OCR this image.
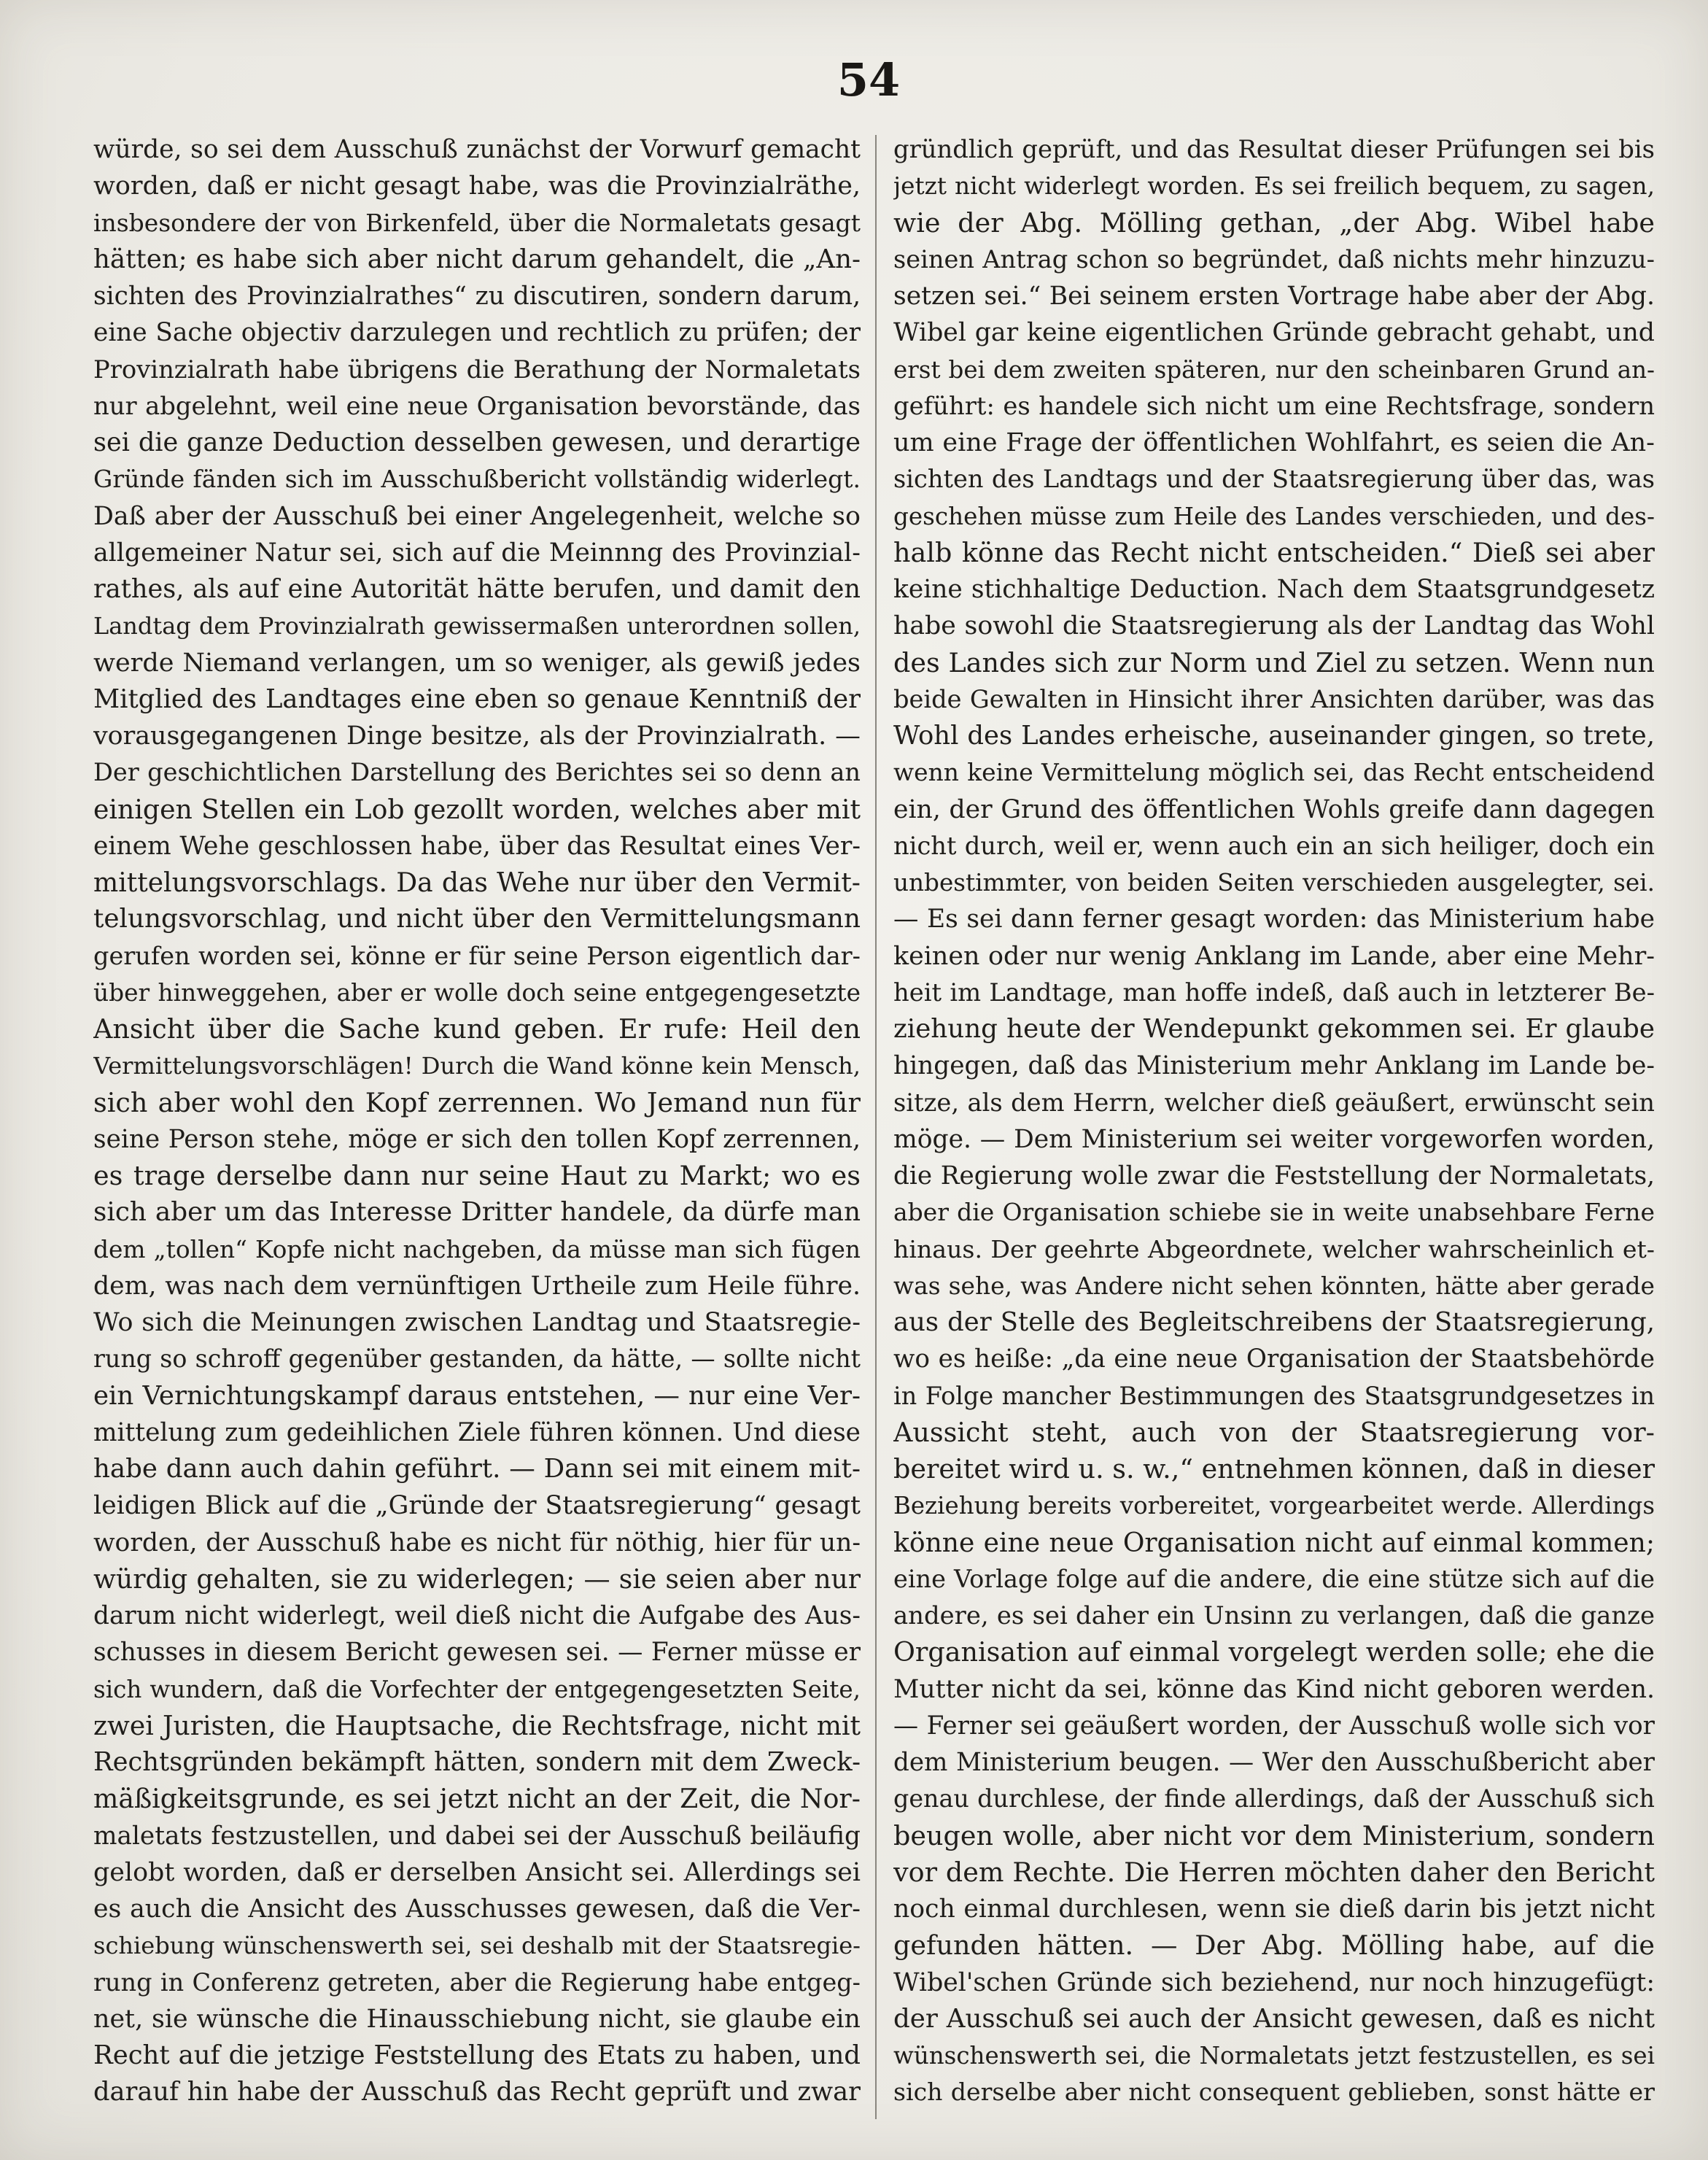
54
würde, so sei dem Ausschuß zunächst der Vorwurf gemacht
worden, daß er nicht gesagt habe, was die Provinzialräthe,
insbesondere der von Birkenfeld, über die Normaletats gesagt
hätten; es habe sich aber nicht darum gehandelt, die „An-
sichten des Provinzialrathes“ zu discutiren, sondern darum,
eine Sache objectiv darzulegen und rechtlich zu prüfen; der
Provinzialrath habe übrigens die Berathung der Normaletats
nur abgelehnt, weil eine neue Organisation bevorstände, das
sei die ganze Deduction desselben gewesen, und derartige
Gründe fänden sich im Ausschußbericht vollständig widerlegt.
Daß aber der Ausschuß bei einer Angelegenheit, welche so
allgemeiner Natur sei, sich auf die Meinnng des Provinzial-
rathes, als auf eine Autorität hätte berufen, und damit den
Landtag dem Provinzialrath gewissermaßen unterordnen sollen,
werde Niemand verlangen, um so weniger, als gewiß jedes
Mitglied des Landtages eine eben so genaue Kenntniß der
vorausgegangenen Dinge besitze, als der Provinzialrath. —
Der geschichtlichen Darstellung des Berichtes sei so denn an
einigen Stellen ein Lob gezollt worden, welches aber mit
einem Wehe geschlossen habe, über das Resultat eines Ver-
mittelungsvorschlags. Da das Wehe nur über den Vermit-
telungsvorschlag, und nicht über den Vermittelungsmann
gerufen worden sei, könne er für seine Person eigentlich dar-
über hinweggehen, aber er wolle doch seine entgegengesetzte
Ansicht über die Sache kund geben. Er rufe: Heil den
Vermittelungsvorschlägen! Durch die Wand könne kein Mensch,
sich aber wohl den Kopf zerrennen. Wo Jemand nun für
seine Person stehe, möge er sich den tollen Kopf zerrennen,
es trage derselbe dann nur seine Haut zu Markt; wo es
sich aber um das Interesse Dritter handele, da dürfe man
dem „tollen“ Kopfe nicht nachgeben, da müsse man sich fügen
dem, was nach dem vernünftigen Urtheile zum Heile führe.
Wo sich die Meinungen zwischen Landtag und Staatsregie-
rung so schroff gegenüber gestanden, da hätte, — sollte nicht
ein Vernichtungskampf daraus entstehen, — nur eine Ver-
mittelung zum gedeihlichen Ziele führen können. Und diese
habe dann auch dahin geführt. — Dann sei mit einem mit-
leidigen Blick auf die „Gründe der Staatsregierung“ gesagt
worden, der Ausschuß habe es nicht für nöthig, hier für un-
würdig gehalten, sie zu widerlegen; — sie seien aber nur
darum nicht widerlegt, weil dieß nicht die Aufgabe des Aus-
schusses in diesem Bericht gewesen sei. — Ferner müsse er
sich wundern, daß die Vorfechter der entgegengesetzten Seite,
zwei Juristen, die Hauptsache, die Rechtsfrage, nicht mit
Rechtsgründen bekämpft hätten, sondern mit dem Zweck-
mäßigkeitsgrunde, es sei jetzt nicht an der Zeit, die Nor-
maletats festzustellen, und dabei sei der Ausschuß beiläufig
gelobt worden, daß er derselben Ansicht sei. Allerdings sei
es auch die Ansicht des Ausschusses gewesen, daß die Ver-
schiebung wünschenswerth sei, sei deshalb mit der Staatsregie-
rung in Conferenz getreten, aber die Regierung habe entgeg-
net, sie wünsche die Hinausschiebung nicht, sie glaube ein
Recht auf die jetzige Feststellung des Etats zu haben, und
darauf hin habe der Ausschuß das Recht geprüft und zwar
gründlich geprüft, und das Resultat dieser Prüfungen sei bis
jetzt nicht widerlegt worden. Es sei freilich bequem, zu sagen,
wie der Abg. Mölling gethan, „der Abg. Wibel habe
seinen Antrag schon so begründet, daß nichts mehr hinzuzu-
setzen sei.“ Bei seinem ersten Vortrage habe aber der Abg.
Wibel gar keine eigentlichen Gründe gebracht gehabt, und
erst bei dem zweiten späteren, nur den scheinbaren Grund an-
geführt: es handele sich nicht um eine Rechtsfrage, sondern
um eine Frage der öffentlichen Wohlfahrt, es seien die An-
sichten des Landtags und der Staatsregierung über das, was
geschehen müsse zum Heile des Landes verschieden, und des-
halb könne das Recht nicht entscheiden.“ Dieß sei aber
keine stichhaltige Deduction. Nach dem Staatsgrundgesetz
habe sowohl die Staatsregierung als der Landtag das Wohl
des Landes sich zur Norm und Ziel zu setzen. Wenn nun
beide Gewalten in Hinsicht ihrer Ansichten darüber, was das
Wohl des Landes erheische, auseinander gingen, so trete,
wenn keine Vermittelung möglich sei, das Recht entscheidend
ein, der Grund des öffentlichen Wohls greife dann dagegen
nicht durch, weil er, wenn auch ein an sich heiliger, doch ein
unbestimmter, von beiden Seiten verschieden ausgelegter, sei.
— Es sei dann ferner gesagt worden: das Ministerium habe
keinen oder nur wenig Anklang im Lande, aber eine Mehr-
heit im Landtage, man hoffe indeß, daß auch in letzterer Be-
ziehung heute der Wendepunkt gekommen sei. Er glaube
hingegen, daß das Ministerium mehr Anklang im Lande be-
sitze, als dem Herrn, welcher dieß geäußert, erwünscht sein
möge. — Dem Ministerium sei weiter vorgeworfen worden,
die Regierung wolle zwar die Feststellung der Normaletats,
aber die Organisation schiebe sie in weite unabsehbare Ferne
hinaus. Der geehrte Abgeordnete, welcher wahrscheinlich et-
was sehe, was Andere nicht sehen könnten, hätte aber gerade
aus der Stelle des Begleitschreibens der Staatsregierung,
wo es heiße: „da eine neue Organisation der Staatsbehörde
in Folge mancher Bestimmungen des Staatsgrundgesetzes in
Aussicht steht, auch von der Staatsregierung vor-
bereitet wird u. s. w.,“ entnehmen können, daß in dieser
Beziehung bereits vorbereitet, vorgearbeitet werde. Allerdings
könne eine neue Organisation nicht auf einmal kommen;
eine Vorlage folge auf die andere, die eine stütze sich auf die
andere, es sei daher ein Unsinn zu verlangen, daß die ganze
Organisation auf einmal vorgelegt werden solle; ehe die
Mutter nicht da sei, könne das Kind nicht geboren werden.
— Ferner sei geäußert worden, der Ausschuß wolle sich vor
dem Ministerium beugen. — Wer den Ausschußbericht aber
genau durchlese, der finde allerdings, daß der Ausschuß sich
beugen wolle, aber nicht vor dem Ministerium, sondern
vor dem Rechte. Die Herren möchten daher den Bericht
noch einmal durchlesen, wenn sie dieß darin bis jetzt nicht
gefunden hätten. — Der Abg. Mölling habe, auf die
Wibel'schen Gründe sich beziehend, nur noch hinzugefügt:
der Ausschuß sei auch der Ansicht gewesen, daß es nicht
wünschenswerth sei, die Normaletats jetzt festzustellen, es sei
sich derselbe aber nicht consequent geblieben, sonst hätte er
